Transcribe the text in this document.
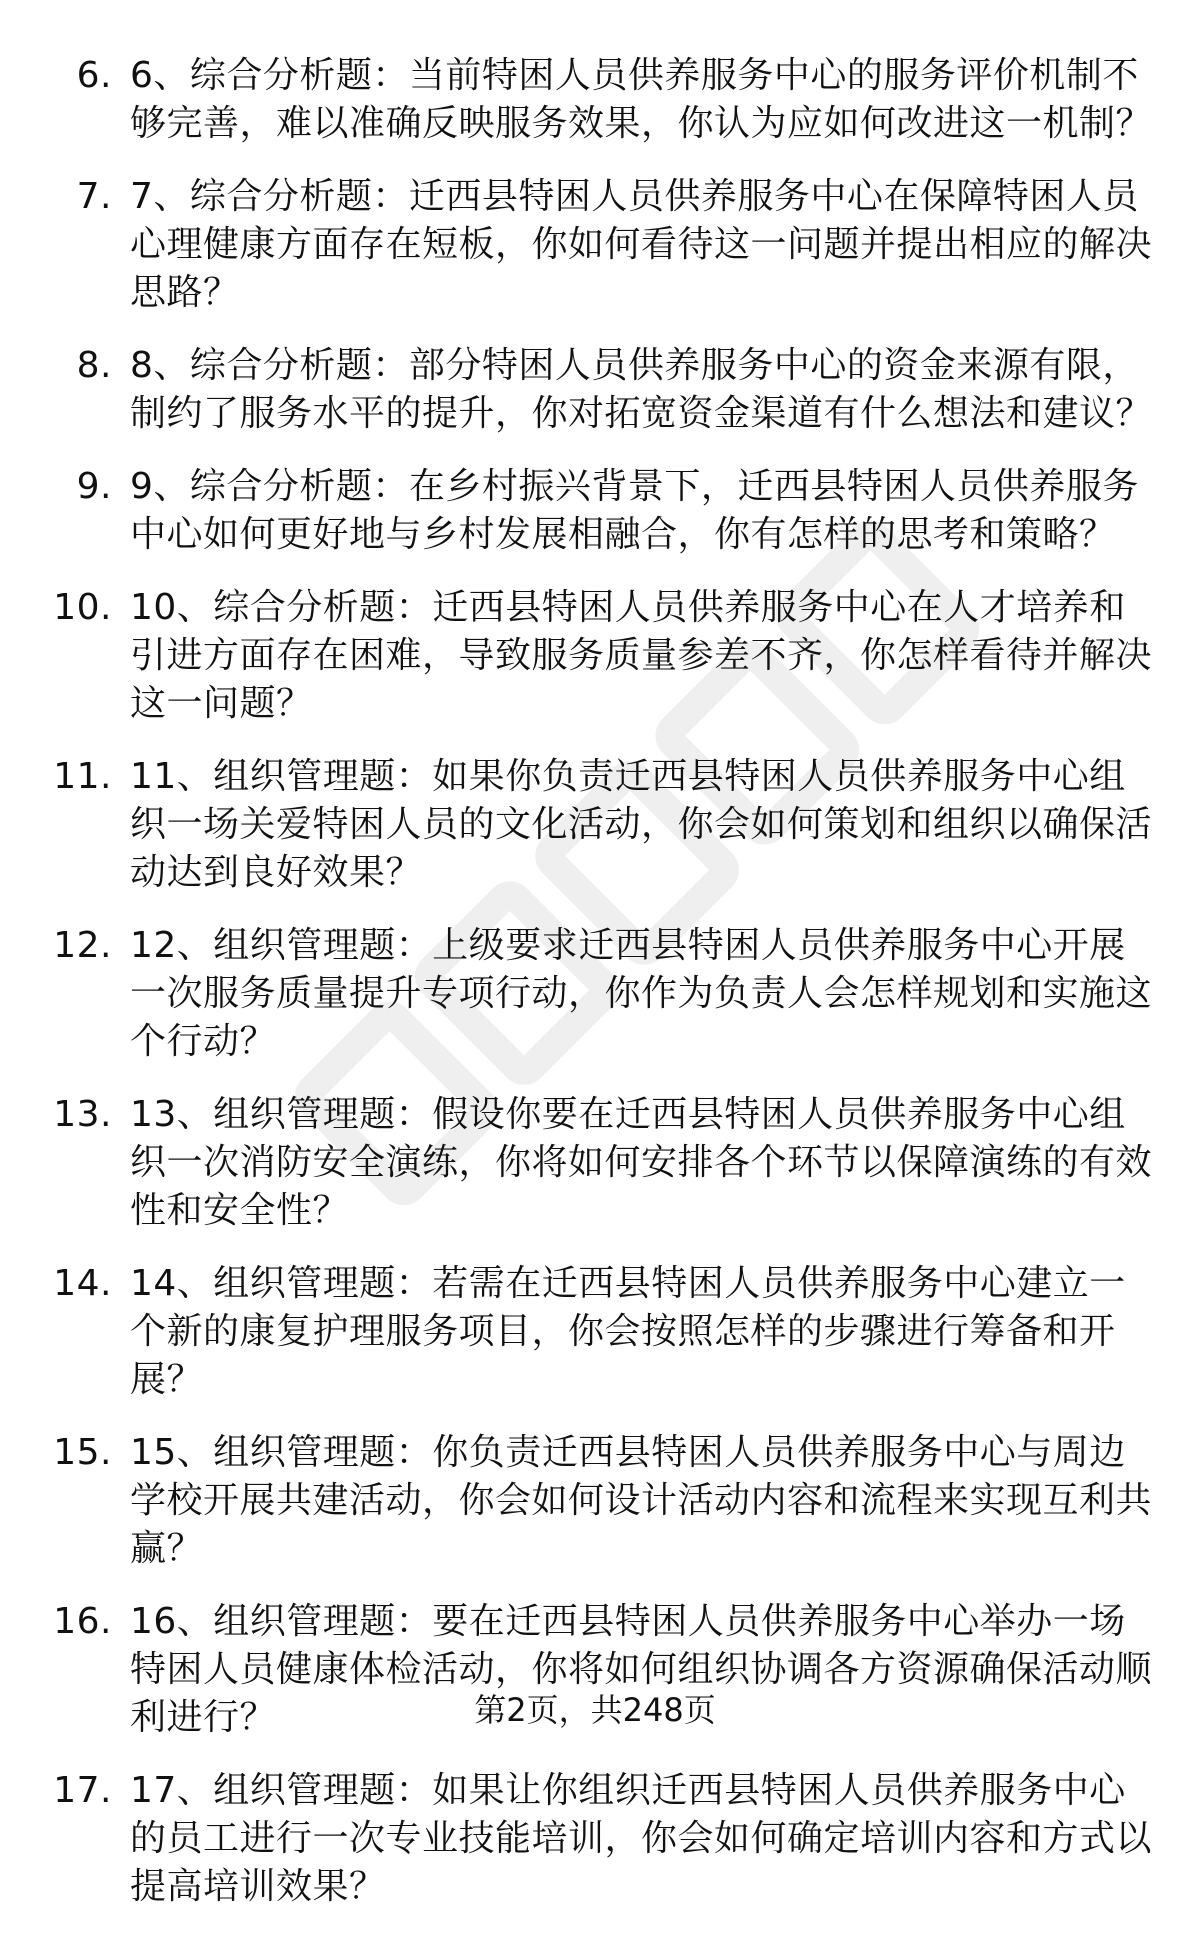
6. 6、综合分析题：当前特困人员供养服务中心的服务评价机制不够完善，难以准确反映服务效果，你认为应如何改进这一机制？
7. 7、综合分析题：迁西县特困人员供养服务中心在保障特困人员心理健康方面存在短板，你如何看待这一问题并提出相应的解决思路？
8. 8、综合分析题：部分特困人员供养服务中心的资金来源有限，制约了服务水平的提升，你对拓宽资金渠道有什么想法和建议？
9. 9、综合分析题：在乡村振兴背景下，迁西县特困人员供养服务中心如何更好地与乡村发展相融合，你有怎样的思考和策略？
10. 10、综合分析题：迁西县特困人员供养服务中心在人才培养和引进方面存在困难，导致服务质量参差不齐，你怎样看待并解决这一问题？
11. 11、组织管理题：如果你负责迁西县特困人员供养服务中心组织一场关爱特困人员的文化活动，你会如何策划和组织以确保活动达到良好效果？
12. 12、组织管理题：上级要求迁西县特困人员供养服务中心开展一次服务质量提升专项行动，你作为负责人会怎样规划和实施这个行动？
13. 13、组织管理题：假设你要在迁西县特困人员供养服务中心组织一次消防安全演练，你将如何安排各个环节以保障演练的有效性和安全性？
14. 14、组织管理题：若需在迁西县特困人员供养服务中心建立一个新的康复护理服务项目，你会按照怎样的步骤进行筹备和开展？
15. 15、组织管理题：你负责迁西县特困人员供养服务中心与周边学校开展共建活动，你会如何设计活动内容和流程来实现互利共赢？
16. 16、组织管理题：要在迁西县特困人员供养服务中心举办一场特困人员健康体检活动，你将如何组织协调各方资源确保活动顺利进行？
17. 17、组织管理题：如果让你组织迁西县特困人员供养服务中心的员工进行一次专业技能培训，你会如何确定培训内容和方式以提高培训效果？
第2页，共248页
